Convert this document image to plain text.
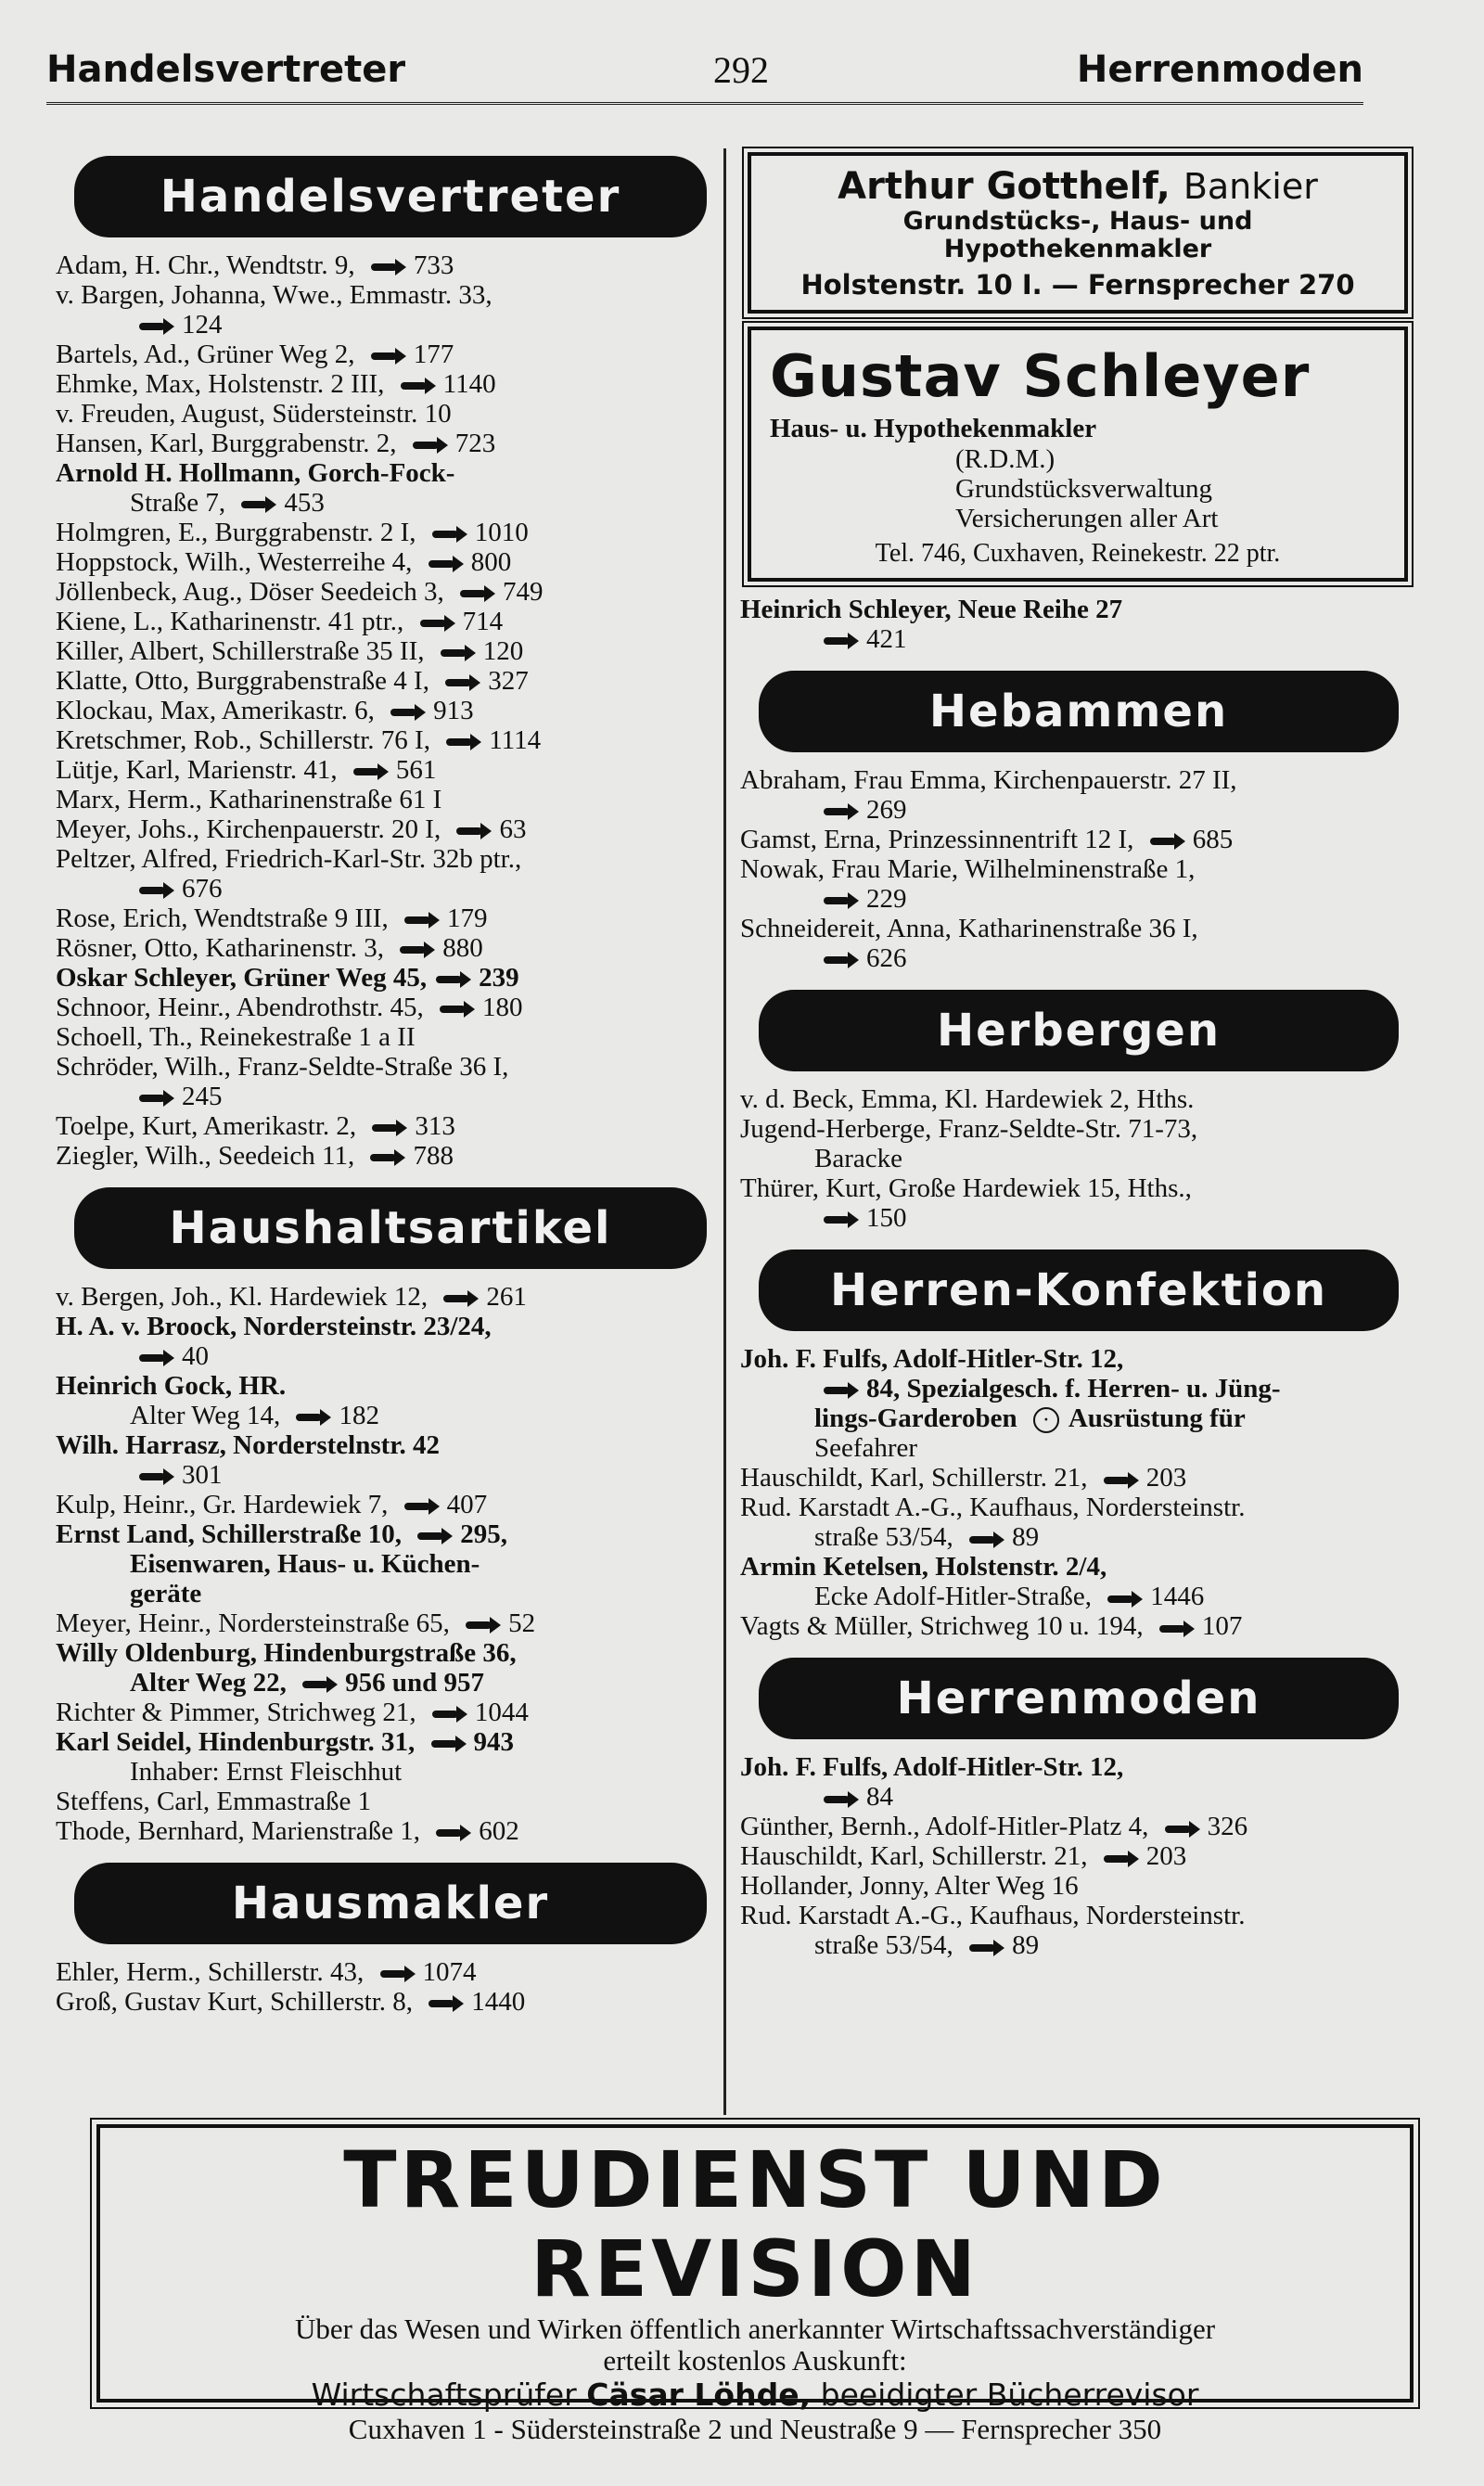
Handelsvertreter	292	Herrenmoden
Handelsvertreter

Adam, H. Chr., Wendtstr. 9, 733

v. Bargen, Johanna, Wwe., Emmastr. 33,

124

Bartels, Ad., Grüner Weg 2, 177

Ehmke, Max, Holstenstr. 2 III, 1140

v. Freuden, August, Südersteinstr. 10

Hansen, Karl, Burggrabenstr. 2, 723

Arnold H. Hollmann, Gorch-Fock-

Straße 7, 453

Holmgren, E., Burggrabenstr. 2 I, 1010

Hoppstock, Wilh., Westerreihe 4, 800

Jöllenbeck, Aug., Döser Seedeich 3, 749

Kiene, L., Katharinenstr. 41 ptr., 714

Killer, Albert, Schillerstraße 35 II, 120

Klatte, Otto, Burggrabenstraße 4 I, 327

Klockau, Max, Amerikastr. 6, 913

Kretschmer, Rob., Schillerstr. 76 I, 1114

Lütje, Karl, Marienstr. 41, 561

Marx, Herm., Katharinenstraße 61 I

Meyer, Johs., Kirchenpauerstr. 20 I, 63

Peltzer, Alfred, Friedrich-Karl-Str. 32b ptr.,

676

Rose, Erich, Wendtstraße 9 III, 179

Rösner, Otto, Katharinenstr. 3, 880

Oskar Schleyer, Grüner Weg 45, 239

Schnoor, Heinr., Abendrothstr. 45, 180

Schoell, Th., Reinekestraße 1 a II

Schröder, Wilh., Franz-Seldte-Straße 36 I,

245

Toelpe, Kurt, Amerikastr. 2, 313

Ziegler, Wilh., Seedeich 11, 788

Haushaltsartikel

v. Bergen, Joh., Kl. Hardewiek 12, 261

H. A. v. Broock, Nordersteinstr. 23/24,

40

Heinrich Gock, HR.

Alter Weg 14, 182

Wilh. Harrasz, Norderstelnstr. 42

301

Kulp, Heinr., Gr. Hardewiek 7, 407

Ernst Land, Schillerstraße 10, 295,

Eisenwaren, Haus- u. Küchen-

geräte

Meyer, Heinr., Nordersteinstraße 65, 52

Willy Oldenburg, Hindenburgstraße 36,

Alter Weg 22, 956 und 957

Richter & Pimmer, Strichweg 21, 1044

Karl Seidel, Hindenburgstr. 31, 943

Inhaber: Ernst Fleischhut

Steffens, Carl, Emmastraße 1

Thode, Bernhard, Marienstraße 1, 602

Hausmakler

Ehler, Herm., Schillerstr. 43, 1074

Groß, Gustav Kurt, Schillerstr. 8, 1440

Arthur Gotthelf, Bankier
Grundstücks-, Haus- und
Hypothekenmakler
Holstenstr. 10 I. — Fernsprecher 270
Gustav Schleyer
Haus- u. Hypothekenmakler
(R.D.M.)
Grundstücksverwaltung
Versicherungen aller Art
Tel. 746, Cuxhaven, Reinekestr. 22 ptr.

Heinrich Schleyer, Neue Reihe 27

421

Hebammen

Abraham, Frau Emma, Kirchenpauerstr. 27 II,

269

Gamst, Erna, Prinzessinnentrift 12 I, 685

Nowak, Frau Marie, Wilhelminenstraße 1,

229

Schneidereit, Anna, Katharinenstraße 36 I,

626

Herbergen

v. d. Beck, Emma, Kl. Hardewiek 2, Hths.

Jugend-Herberge, Franz-Seldte-Str. 71-73,

Baracke

Thürer, Kurt, Große Hardewiek 15, Hths.,

150

Herren-Konfektion

Joh. F. Fulfs, Adolf-Hitler-Str. 12,

84, Spezialgesch. f. Herren- u. Jüng-

lings-Garderoben · Ausrüstung für

Seefahrer

Hauschildt, Karl, Schillerstr. 21, 203

Rud. Karstadt A.-G., Kaufhaus, Nordersteinstr.

straße 53/54, 89

Armin Ketelsen, Holstenstr. 2/4,

Ecke Adolf-Hitler-Straße, 1446

Vagts & Müller, Strichweg 10 u. 194, 107

Herrenmoden

Joh. F. Fulfs, Adolf-Hitler-Str. 12,

84

Günther, Bernh., Adolf-Hitler-Platz 4, 326

Hauschildt, Karl, Schillerstr. 21, 203

Hollander, Jonny, Alter Weg 16

Rud. Karstadt A.-G., Kaufhaus, Nordersteinstr.

straße 53/54, 89

TREUDIENST UND REVISION
Über das Wesen und Wirken öffentlich anerkannter Wirtschaftssachverständiger
erteilt kostenlos Auskunft:
Wirtschaftsprüfer Cäsar Löhde, beeidigter Bücherrevisor
Cuxhaven 1 - Südersteinstraße 2 und Neustraße 9 — Fernsprecher 350
